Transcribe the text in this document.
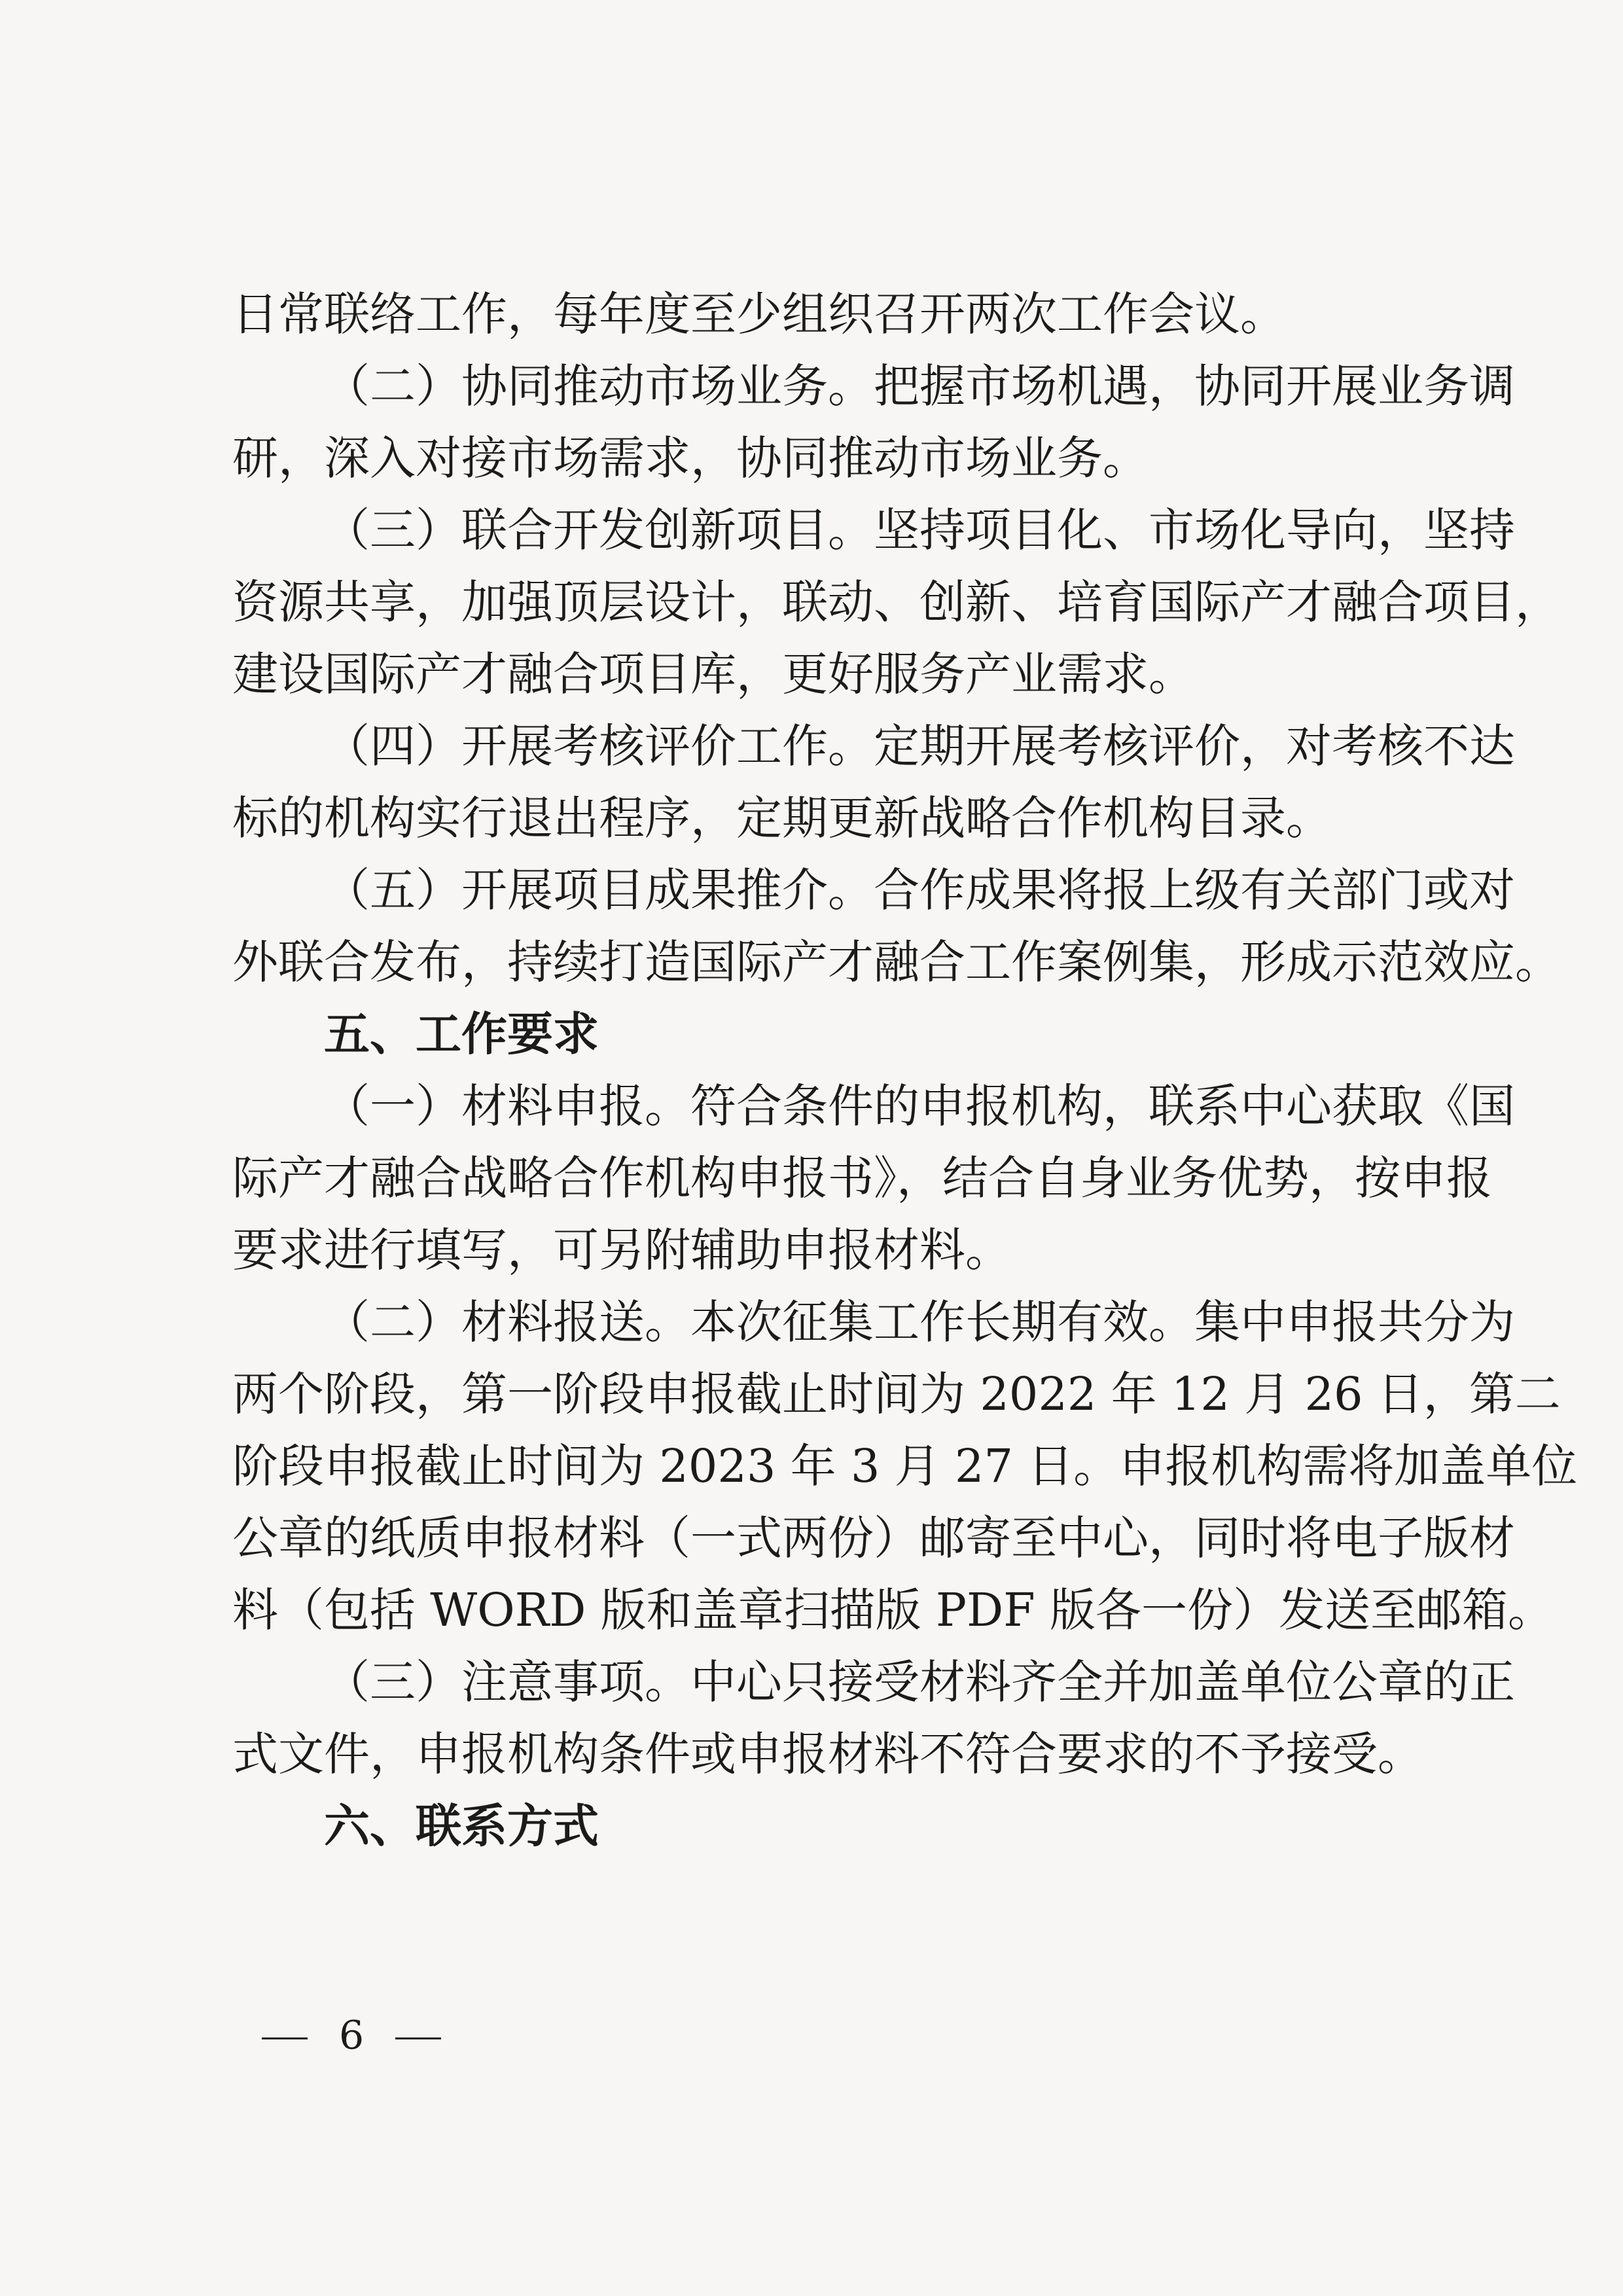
日常联络工作，每年度至少组织召开两次工作会议。
（二）协同推动市场业务。把握市场机遇，协同开展业务调
研，深入对接市场需求，协同推动市场业务。
（三）联合开发创新项目。坚持项目化、市场化导向，坚持
资源共享，加强顶层设计，联动、创新、培育国际产才融合项目，
建设国际产才融合项目库，更好服务产业需求。
（四）开展考核评价工作。定期开展考核评价，对考核不达
标的机构实行退出程序，定期更新战略合作机构目录。
（五）开展项目成果推介。合作成果将报上级有关部门或对
外联合发布，持续打造国际产才融合工作案例集，形成示范效应。
五、工作要求
（一）材料申报。符合条件的申报机构，联系中心获取《国
际产才融合战略合作机构申报书》，结合自身业务优势，按申报
要求进行填写，可另附辅助申报材料。
（二）材料报送。本次征集工作长期有效。集中申报共分为
两个阶段，第一阶段申报截止时间为 2022 年 12 月 26 日，第二
阶段申报截止时间为 2023 年 3 月 27 日。申报机构需将加盖单位
公章的纸质申报材料（一式两份）邮寄至中心，同时将电子版材
料（包括 WORD 版和盖章扫描版 PDF 版各一份）发送至邮箱。
（三）注意事项。中心只接受材料齐全并加盖单位公章的正
式文件，申报机构条件或申报材料不符合要求的不予接受。
六、联系方式
6
